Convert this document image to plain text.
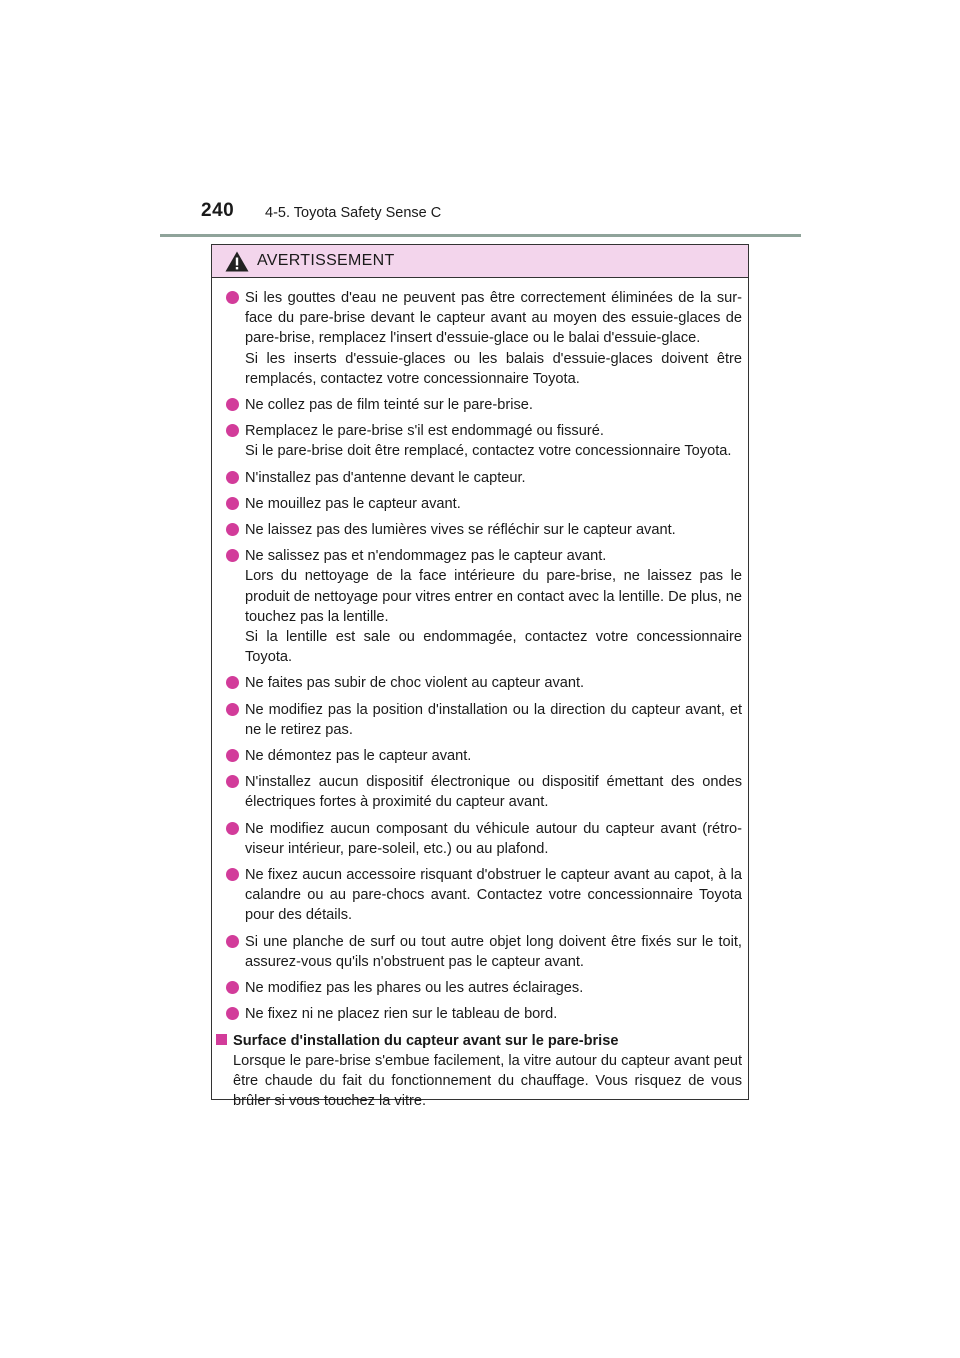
240 4-5. Toyota Safety Sense C
AVERTISSEMENT

Si les gouttes d'eau ne peuvent pas être correctement éliminées de la sur-face du pare-brise devant le capteur avant au moyen des essuie-glaces de pare-brise, remplacez l'insert d'essuie-glace ou le balai d'essuie-glace.

Si les inserts d'essuie-glaces ou les balais d'essuie-glaces doivent être remplacés, contactez votre concessionnaire Toyota.

Ne collez pas de film teinté sur le pare-brise.

Remplacez le pare-brise s'il est endommagé ou fissuré.

Si le pare-brise doit être remplacé, contactez votre concessionnaire Toyota.

N'installez pas d'antenne devant le capteur.

Ne mouillez pas le capteur avant.

Ne laissez pas des lumières vives se réfléchir sur le capteur avant.

Ne salissez pas et n'endommagez pas le capteur avant.

Lors du nettoyage de la face intérieure du pare-brise, ne laissez pas le produit de nettoyage pour vitres entrer en contact avec la lentille. De plus, ne touchez pas la lentille.

Si la lentille est sale ou endommagée, contactez votre concessionnaire Toyota.

Ne faites pas subir de choc violent au capteur avant.

Ne modifiez pas la position d'installation ou la direction du capteur avant, et ne le retirez pas.

Ne démontez pas le capteur avant.

N'installez aucun dispositif électronique ou dispositif émettant des ondes électriques fortes à proximité du capteur avant.

Ne modifiez aucun composant du véhicule autour du capteur avant (rétro-viseur intérieur, pare-soleil, etc.) ou au plafond.

Ne fixez aucun accessoire risquant d'obstruer le capteur avant au capot, à la calandre ou au pare-chocs avant. Contactez votre concessionnaire Toyota pour des détails.

Si une planche de surf ou tout autre objet long doivent être fixés sur le toit, assurez-vous qu'ils n'obstruent pas le capteur avant.

Ne modifiez pas les phares ou les autres éclairages.

Ne fixez ni ne placez rien sur le tableau de bord.

Surface d'installation du capteur avant sur le pare-brise

Lorsque le pare-brise s'embue facilement, la vitre autour du capteur avant peut être chaude du fait du fonctionnement du chauffage. Vous risquez de vous brûler si vous touchez la vitre.
